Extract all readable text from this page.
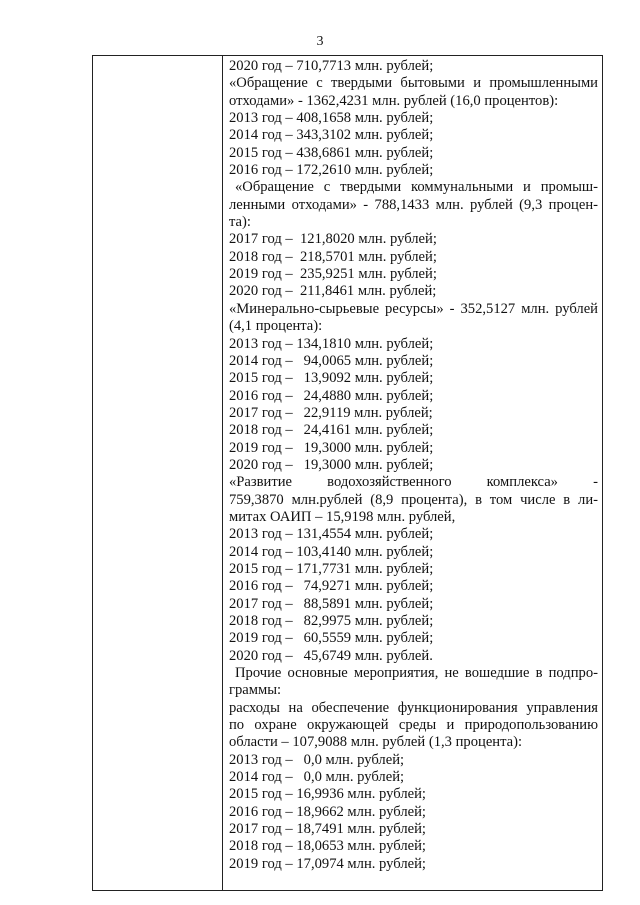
3
2020 год – 710,7713 млн. рублей;
«Обращение с твердыми бытовыми и промышленными
отходами» - 1362,4231 млн. рублей (16,0 процентов):
2013 год – 408,1658 млн. рублей;
2014 год – 343,3102 млн. рублей;
2015 год – 438,6861 млн. рублей;
2016 год – 172,2610 млн. рублей;
«Обращение с твердыми коммунальными и промыш-
ленными отходами» - 788,1433 млн. рублей (9,3 процен-
та):
2017 год –  121,8020 млн. рублей;
2018 год –  218,5701 млн. рублей;
2019 год –  235,9251 млн. рублей;
2020 год –  211,8461 млн. рублей;
«Минерально-сырьевые ресурсы» - 352,5127 млн. рублей
(4,1 процента):
2013 год – 134,1810 млн. рублей;
2014 год –   94,0065 млн. рублей;
2015 год –   13,9092 млн. рублей;
2016 год –   24,4880 млн. рублей;
2017 год –   22,9119 млн. рублей;
2018 год –   24,4161 млн. рублей;
2019 год –   19,3000 млн. рублей;
2020 год –   19,3000 млн. рублей;
«Развитие водохозяйственного комплекса» -
759,3870 млн.рублей (8,9 процента), в том числе в ли-
митах ОАИП – 15,9198 млн. рублей,
2013 год – 131,4554 млн. рублей;
2014 год – 103,4140 млн. рублей;
2015 год – 171,7731 млн. рублей;
2016 год –   74,9271 млн. рублей;
2017 год –   88,5891 млн. рублей;
2018 год –   82,9975 млн. рублей;
2019 год –   60,5559 млн. рублей;
2020 год –   45,6749 млн. рублей.
Прочие основные мероприятия, не вошедшие в подпро-
граммы:
расходы на обеспечение функционирования управления
по охране окружающей среды и природопользованию
области – 107,9088 млн. рублей (1,3 процента):
2013 год –   0,0 млн. рублей;
2014 год –   0,0 млн. рублей;
2015 год – 16,9936 млн. рублей;
2016 год – 18,9662 млн. рублей;
2017 год – 18,7491 млн. рублей;
2018 год – 18,0653 млн. рублей;
2019 год – 17,0974 млн. рублей;
